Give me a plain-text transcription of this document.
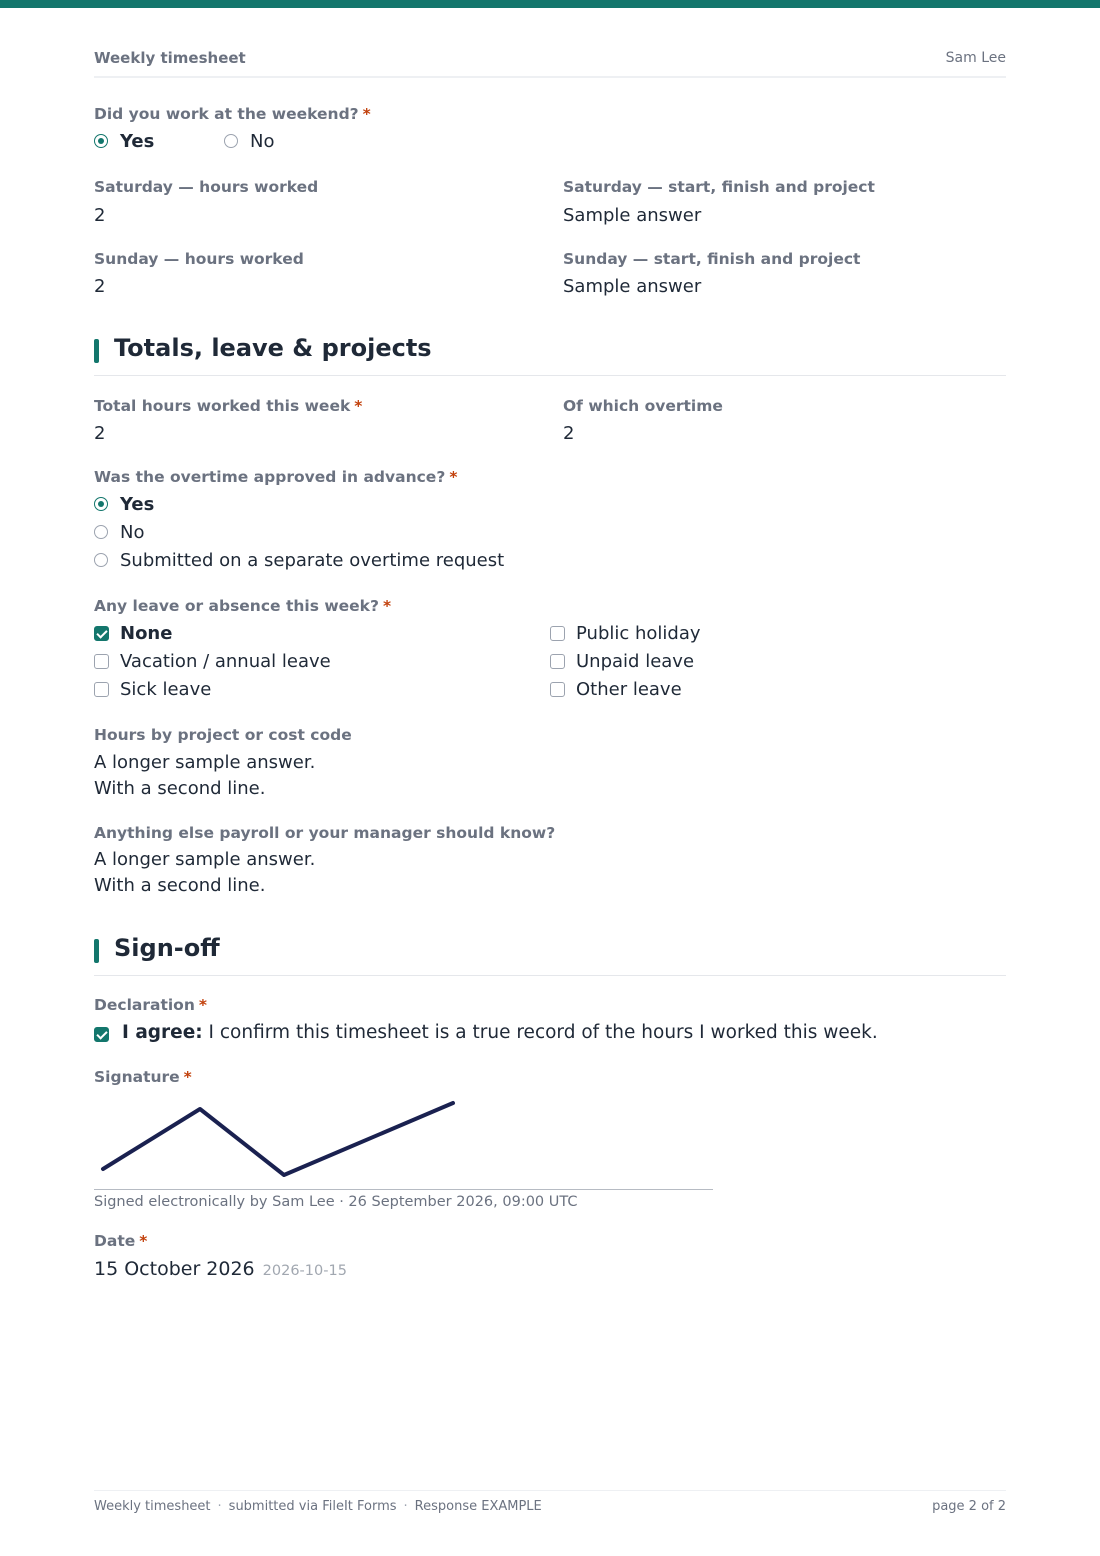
Weekly timesheet	Sam Lee
Did you work at the weekend? *
Yes	No
Saturday — hours worked
2
Saturday — start, finish and project
Sample answer
Sunday — hours worked
2
Sunday — start, finish and project
Sample answer
Totals, leave & projects
Total hours worked this week *
2
Of which overtime
2
Was the overtime approved in advance? *
Yes
No
Submitted on a separate overtime request
Any leave or absence this week? *
None
Vacation / annual leave
Sick leave
Public holiday
Unpaid leave
Other leave
Hours by project or cost code
A longer sample answer.
With a second line.
Anything else payroll or your manager should know?
A longer sample answer.
With a second line.
Sign-off
Declaration *
I agree: I confirm this timesheet is a true record of the hours I worked this week.
Signature *
Signed electronically by Sam Lee · 26 September 2026, 09:00 UTC
Date *
15 October 2026 2026-10-15
Weekly timesheet · submitted via FileIt Forms · Response EXAMPLE	page 2 of 2
